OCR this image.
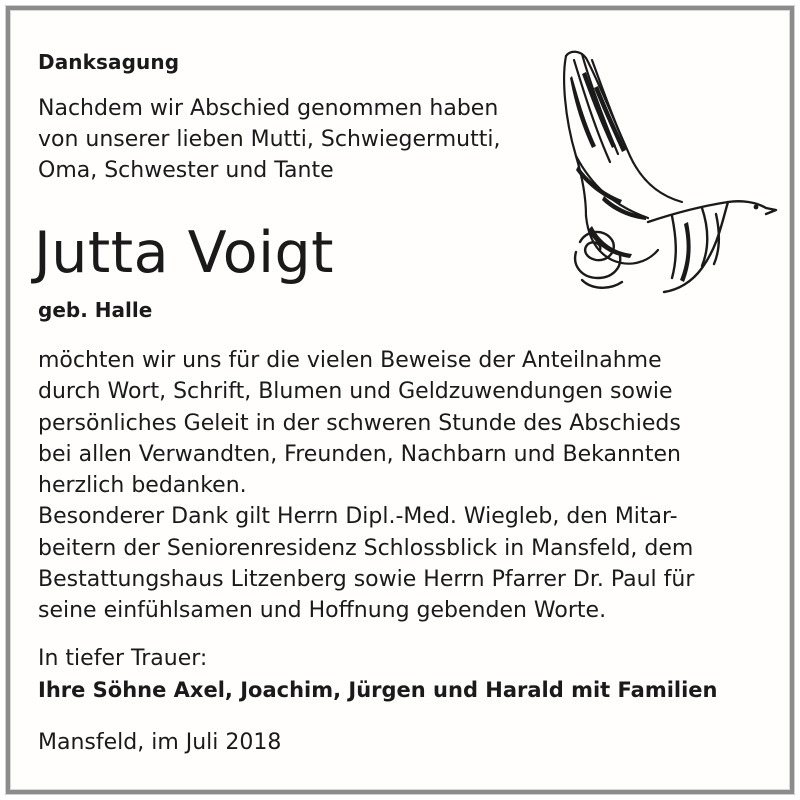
Danksagung
Nachdem wir Abschied genommen haben
von unserer lieben Mutti, Schwiegermutti,
Oma, Schwester und Tante
Jutta Voigt
geb. Halle
möchten wir uns für die vielen Beweise der Anteilnahme
durch Wort, Schrift, Blumen und Geldzuwendungen sowie
persönliches Geleit in der schweren Stunde des Abschieds
bei allen Verwandten, Freunden, Nachbarn und Bekannten
herzlich bedanken.
Besonderer Dank gilt Herrn Dipl.-Med. Wiegleb, den Mitar-
beitern der Seniorenresidenz Schlossblick in Mansfeld, dem
Bestattungshaus Litzenberg sowie Herrn Pfarrer Dr. Paul für
seine einfühlsamen und Hoffnung gebenden Worte.
In tiefer Trauer:
Ihre Söhne Axel, Joachim, Jürgen und Harald mit Familien
Mansfeld, im Juli 2018
